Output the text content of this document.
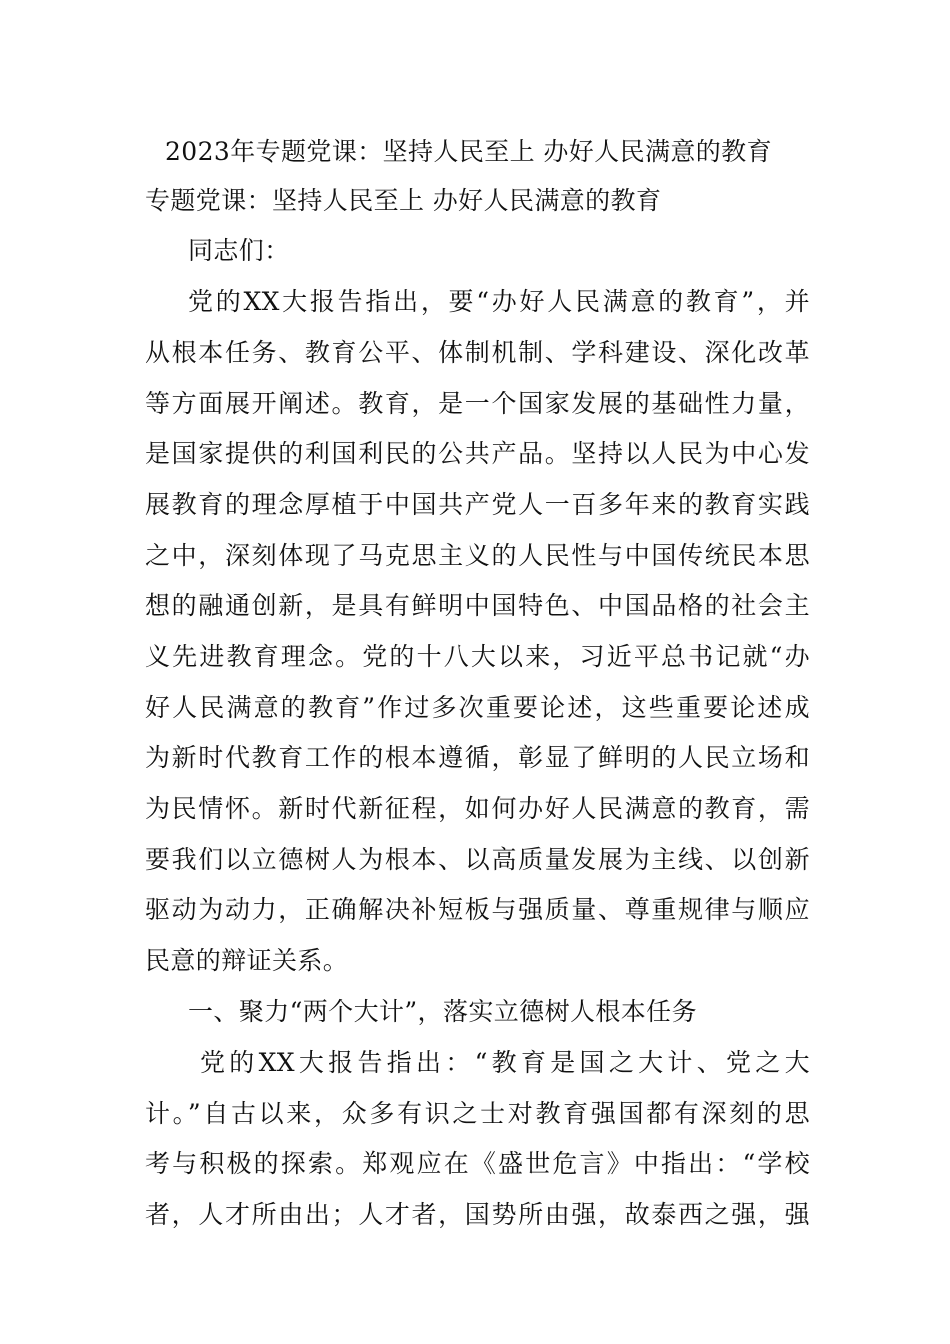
2023年专题党课：坚持人民至上 办好人民满意的教育
专题党课：坚持人民至上 办好人民满意的教育
同志们：
党的XX大报告指出，要“办好人民满意的教育”，并
从根本任务、教育公平、体制机制、学科建设、深化改革
等方面展开阐述。教育，是一个国家发展的基础性力量，
是国家提供的利国利民的公共产品。坚持以人民为中心发
展教育的理念厚植于中国共产党人一百多年来的教育实践
之中，深刻体现了马克思主义的人民性与中国传统民本思
想的融通创新，是具有鲜明中国特色、中国品格的社会主
义先进教育理念。党的十八大以来，习近平总书记就“办
好人民满意的教育”作过多次重要论述，这些重要论述成
为新时代教育工作的根本遵循，彰显了鲜明的人民立场和
为民情怀。新时代新征程，如何办好人民满意的教育，需
要我们以立德树人为根本、以高质量发展为主线、以创新
驱动为动力，正确解决补短板与强质量、尊重规律与顺应
民意的辩证关系。
一、聚力“两个大计”，落实立德树人根本任务
党的XX大报告指出：“教育是国之大计、党之大
计。”自古以来，众多有识之士对教育强国都有深刻的思
考与积极的探索。郑观应在《盛世危言》中指出：“学校
者，人才所由出；人才者，国势所由强，故泰西之强，强
